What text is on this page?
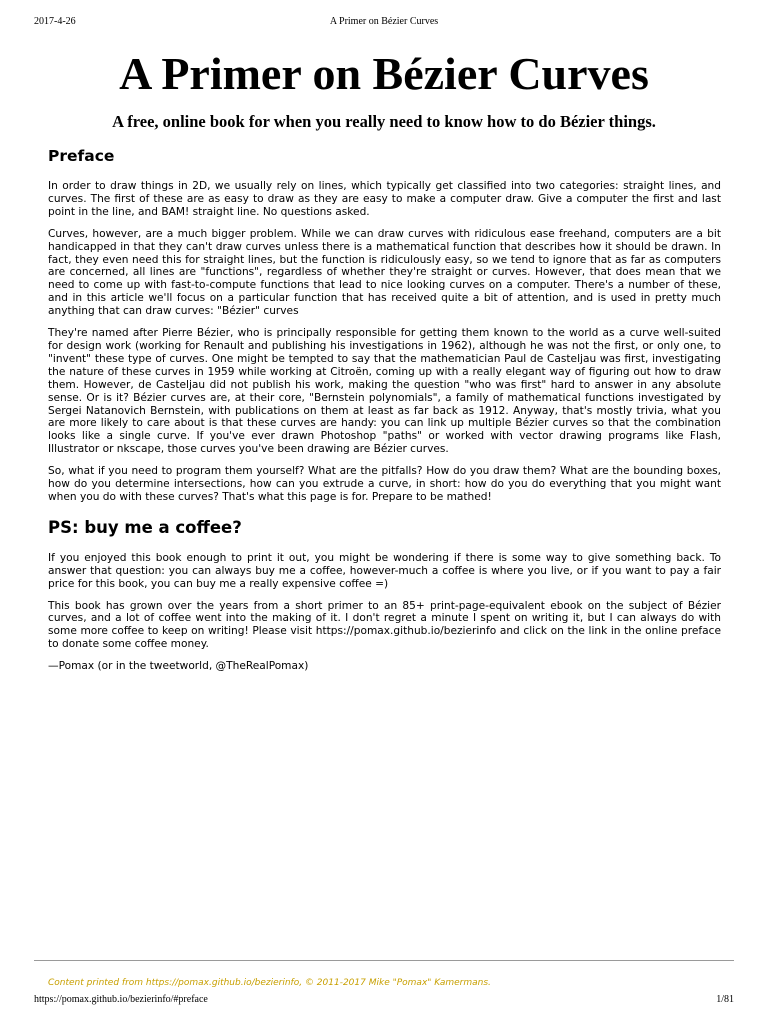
2017-4-26	A Primer on Bézier Curves
A Primer on Bézier Curves
A free, online book for when you really need to know how to do Bézier things.
Preface

In order to draw things in 2D, we usually rely on lines, which typically get classified into two categories: straight lines, and curves. The first of these are as easy to draw as they are easy to make a computer draw. Give a computer the first and last point in the line, and BAM! straight line. No questions asked.

Curves, however, are a much bigger problem. While we can draw curves with ridiculous ease freehand, computers are a bit handicapped in that they can't draw curves unless there is a mathematical function that describes how it should be drawn. In fact, they even need this for straight lines, but the function is ridiculously easy, so we tend to ignore that as far as computers are concerned, all lines are "functions", regardless of whether they're straight or curves. However, that does mean that we need to come up with fast-to-compute functions that lead to nice looking curves on a computer. There's a number of these, and in this article we'll focus on a particular function that has received quite a bit of attention, and is used in pretty much anything that can draw curves: "Bézier" curves

They're named after Pierre Bézier, who is principally responsible for getting them known to the world as a curve well-suited for design work (working for Renault and publishing his investigations in 1962), although he was not the first, or only one, to "invent" these type of curves. One might be tempted to say that the mathematician Paul de Casteljau was first, investigating the nature of these curves in 1959 while working at Citroën, coming up with a really elegant way of figuring out how to draw them. However, de Casteljau did not publish his work, making the question "who was first" hard to answer in any absolute sense. Or is it? Bézier curves are, at their core, "Bernstein polynomials", a family of mathematical functions investigated by Sergei Natanovich Bernstein, with publications on them at least as far back as 1912. Anyway, that's mostly trivia, what you are more likely to care about is that these curves are handy: you can link up multiple Bézier curves so that the combination looks like a single curve. If you've ever drawn Photoshop "paths" or worked with vector drawing programs like Flash, Illustrator or nkscape, those curves you've been drawing are Bézier curves.

So, what if you need to program them yourself? What are the pitfalls? How do you draw them? What are the bounding boxes, how do you determine intersections, how can you extrude a curve, in short: how do you do everything that you might want when you do with these curves? That's what this page is for. Prepare to be mathed!

PS: buy me a coffee?

If you enjoyed this book enough to print it out, you might be wondering if there is some way to give something back. To answer that question: you can always buy me a coffee, however-much a coffee is where you live, or if you want to pay a fair price for this book, you can buy me a really expensive coffee =)

This book has grown over the years from a short primer to an 85+ print-page-equivalent ebook on the subject of Bézier curves, and a lot of coffee went into the making of it. I don't regret a minute I spent on writing it, but I can always do with some more coffee to keep on writing! Please visit https://pomax.github.io/bezierinfo and click on the link in the online preface to donate some coffee money.

—Pomax (or in the tweetworld, @TheRealPomax)

Content printed from https://pomax.github.io/bezierinfo, © 2011-2017 Mike "Pomax" Kamermans.
https://pomax.github.io/bezierinfo/#preface	1/81
